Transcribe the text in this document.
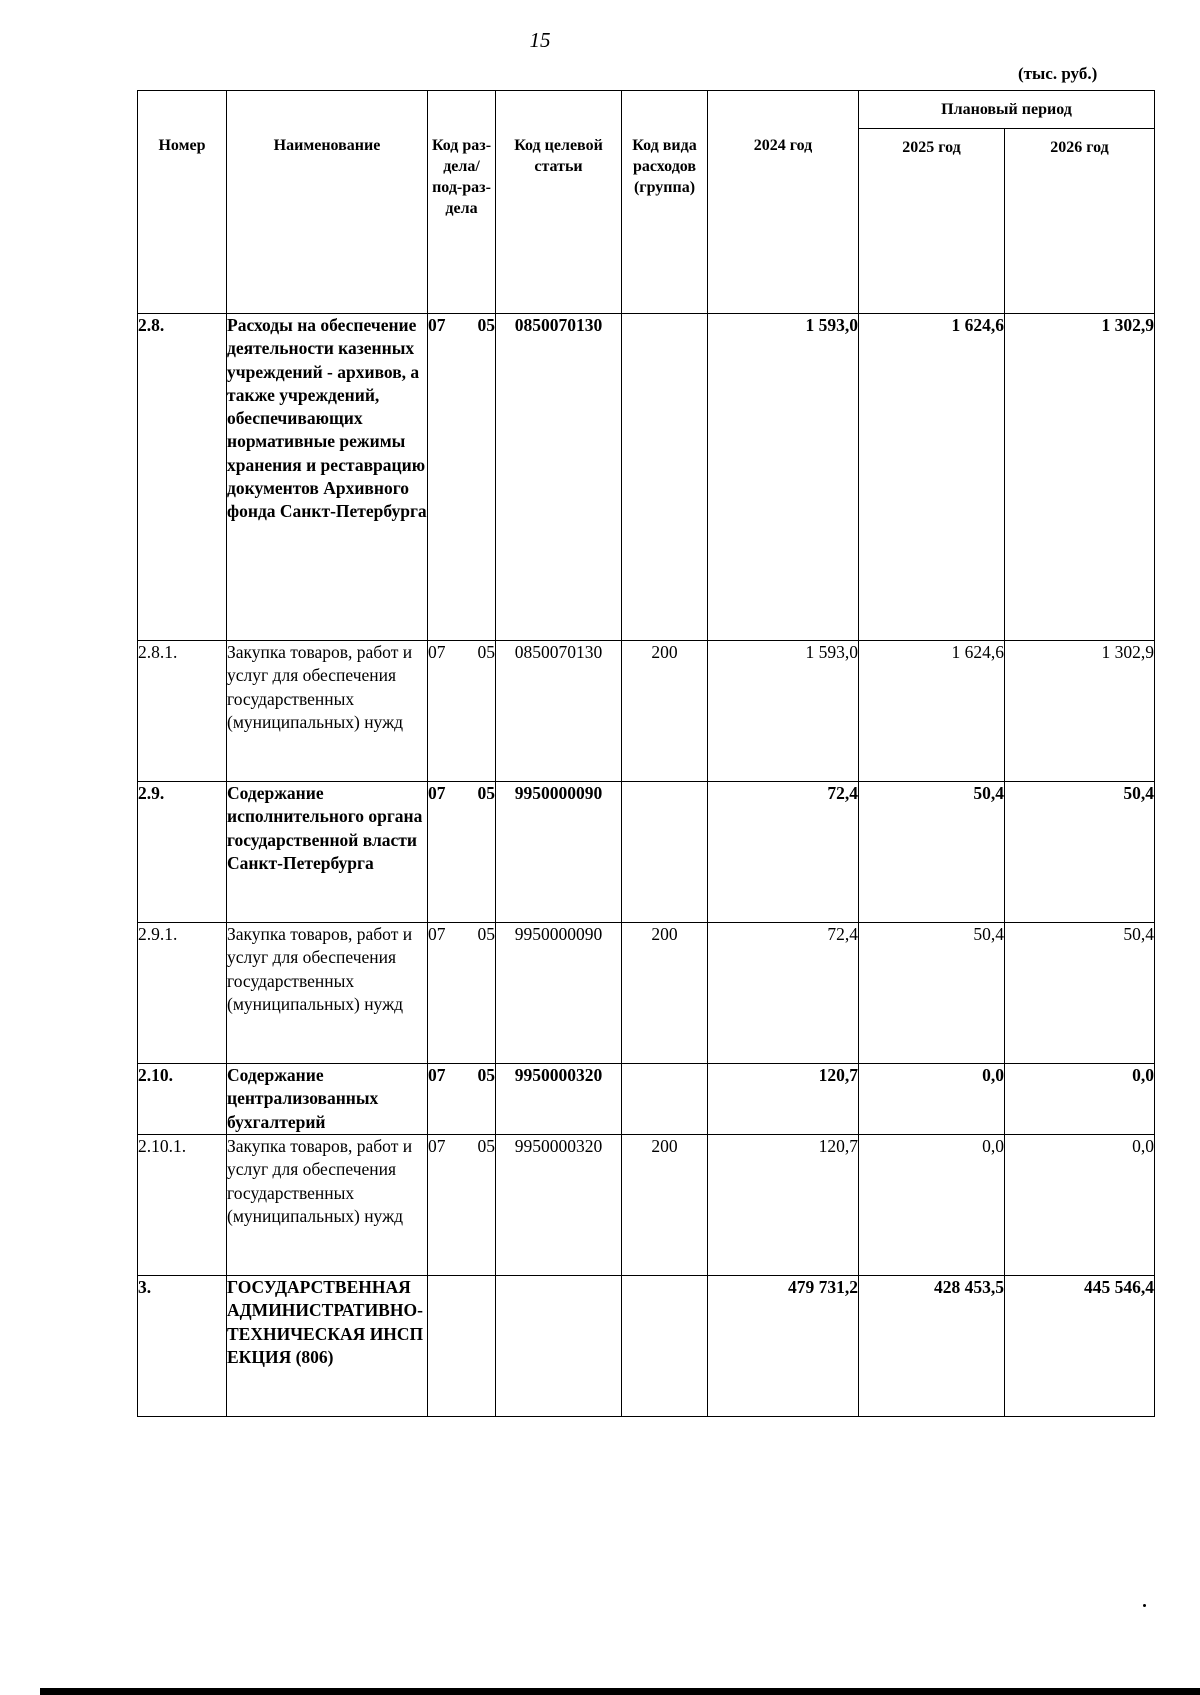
15
(тыс. руб.)
Номер	Наименование	Код раз-дела/ под-раз-дела	Код целевой статьи	Код вида расходов (группа)	2024 год	Плановый период	
						2025 год	2026 год
2.8.	Расходы на обеспечение деятельности казенных учреждений - архивов, а также учреждений, обеспечивающих нормативные режимы хранения и реставрацию документов Архивного фонда Санкт-Петербурга	07 05	0850070130		1 593,0	1 624,6	1 302,9
2.8.1.	Закупка товаров, работ и услуг для обеспечения государственных (муниципальных) нужд	07 05	0850070130	200	1 593,0	1 624,6	1 302,9
2.9.	Содержание исполнительного органа государственной власти Санкт-Петербурга	07 05	9950000090		72,4	50,4	50,4
2.9.1.	Закупка товаров, работ и услуг для обеспечения государственных (муниципальных) нужд	07 05	9950000090	200	72,4	50,4	50,4
2.10.	Содержание централизованных бухгалтерий	07 05	9950000320		120,7	0,0	0,0
2.10.1.	Закупка товаров, работ и услуг для обеспечения государственных (муниципальных) нужд	07 05	9950000320	200	120,7	0,0	0,0
3.	ГОСУДАРСТВЕННАЯ АДМИНИСТРАТИВНО-ТЕХНИЧЕСКАЯ ИНСПЕКЦИЯ (806)				479 731,2	428 453,5	445 546,4
